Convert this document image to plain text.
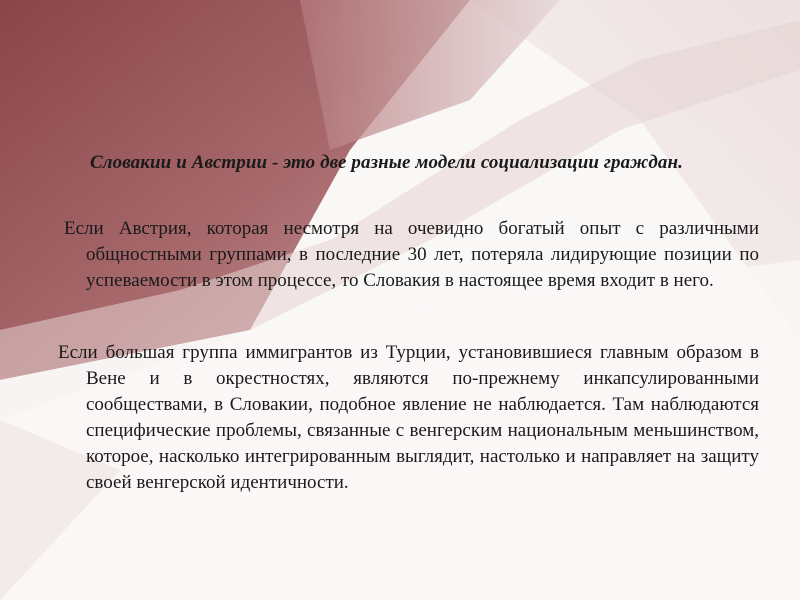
Словакии и Австрии - это две разные модели социализации граждан.

Если Австрия, которая несмотря на очевидно богатый опыт с различными общностными группами, в последние 30 лет, потеряла лидирующие позиции по успеваемости в этом процессе, то Словакия в настоящее время входит в него.

Если большая группа иммигрантов из Турции, установившиеся главным образом в Вене и в окрестностях, являются по-прежнему инкапсулированными сообществами, в Словакии, подобное явление не наблюдается. Там наблюдаются специфические проблемы, связанные с венгерским национальным меньшинством, которое, насколько интегрированным выглядит, настолько и направляет на защиту своей венгерской идентичности.
